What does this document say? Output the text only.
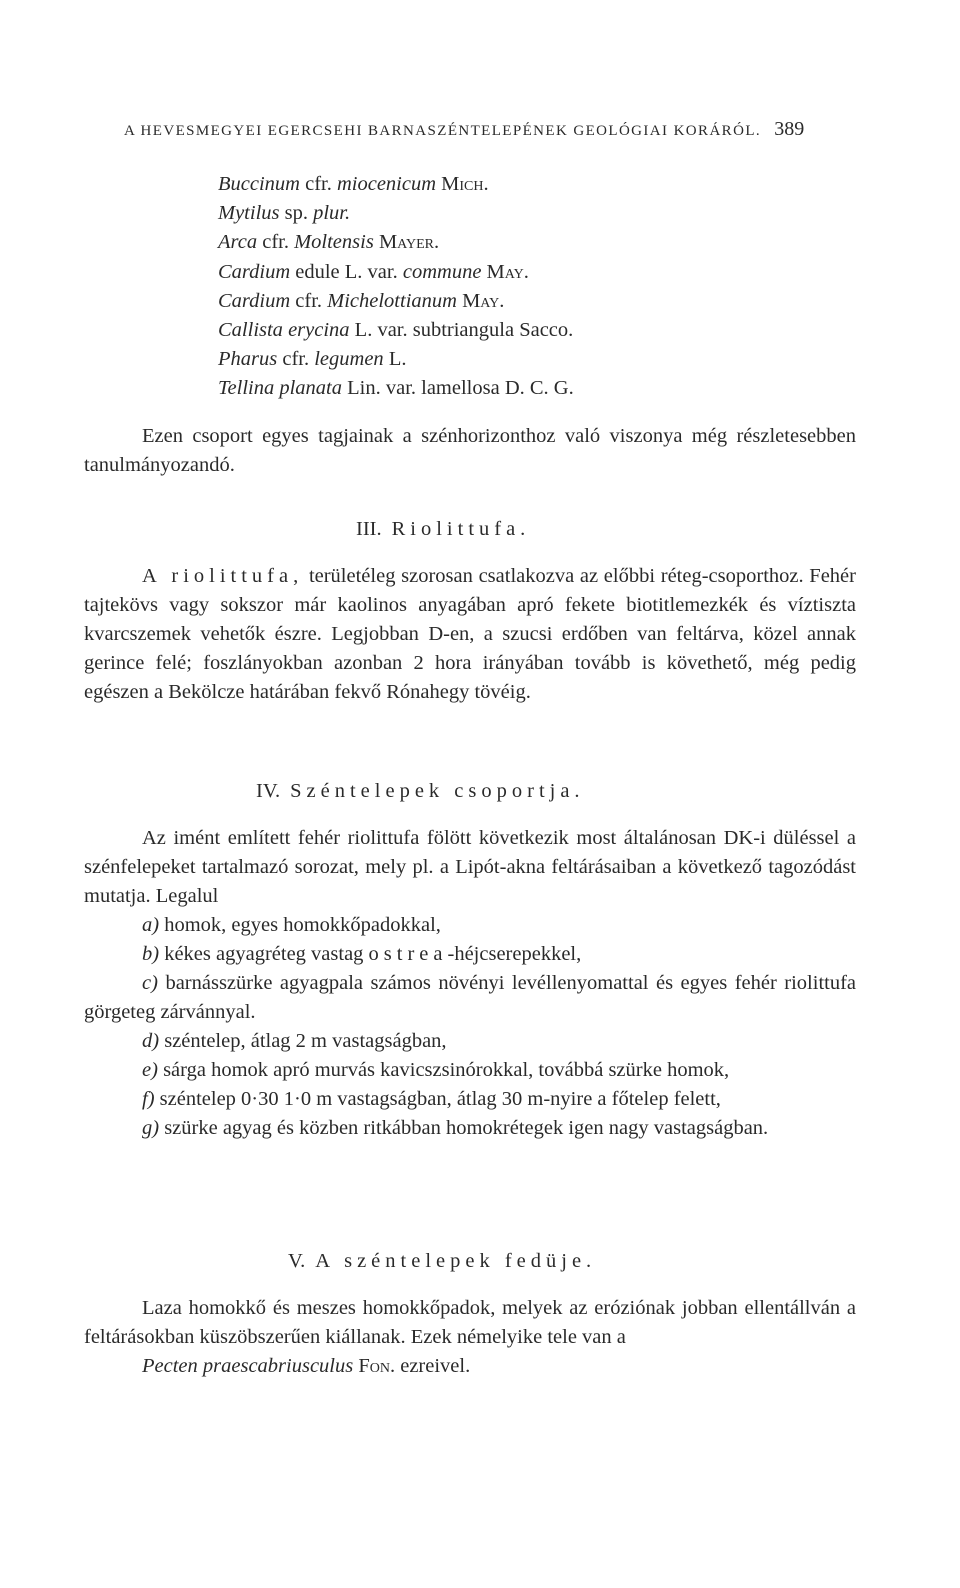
A HEVESMEGYEI EGERCSEHI BARNASZÉNTELEPÉNEK GEOLÓGIAI KORÁRÓL. 389
Buccinum cfr. miocenicum Mich.
Mytilus sp. plur.
Arca cfr. Moltensis Mayer.
Cardium edule L. var. commune May.
Cardium cfr. Michelottianum May.
Callista erycina L. var. subtriangula Sacco.
Pharus cfr. legumen L.
Tellina planata Lin. var. lamellosa D. C. G.
Ezen csoport egyes tagjainak a szénhorizonthoz való viszonya még részletesebben tanulmányozandó.
III. Riolittufa.
A riolittufa, területéleg szorosan csatlakozva az előbbi réteg-csoporthoz. Fehér tajtekövs vagy sokszor már kaolinos anyagában apró fekete biotitlemezkék és víztiszta kvarcszemek vehetők észre. Legjobban D-en, a szucsi erdőben van feltárva, közel annak gerince felé; foszlányokban azonban 2 hora irányában tovább is követhető, még pedig egészen a Bekölcze határában fekvő Rónahegy tövéig.
IV. Széntelepek csoportja.
Az imént említett fehér riolittufa fölött következik most általánosan DK-i düléssel a szénfelepeket tartalmazó sorozat, mely pl. a Lipót-akna feltárásaiban a következő tagozódást mutatja. Legalul
a) homok, egyes homokkőpadokkal,
b) kékes agyagréteg vastag ostrea-héjcserepekkel,
c) barnásszürke agyagpala számos növényi levéllenyomattal és egyes fehér riolittufa görgeteg zárvánnyal.
d) széntelep, átlag 2 m vastagságban,
e) sárga homok apró murvás kavicszsinórokkal, továbbá szürke homok,
f) széntelep 0·30 1·0 m vastagságban, átlag 30 m-nyire a főtelep felett,
g) szürke agyag és közben ritkábban homokrétegek igen nagy vastagságban.
V. A széntelepek fedüje.
Laza homokkő és meszes homokkőpadok, melyek az eróziónak jobban ellentállván a feltárásokban küszöbszerűen kiállanak. Ezek némelyike tele van a
Pecten praescabriusculus Fon. ezreivel.
